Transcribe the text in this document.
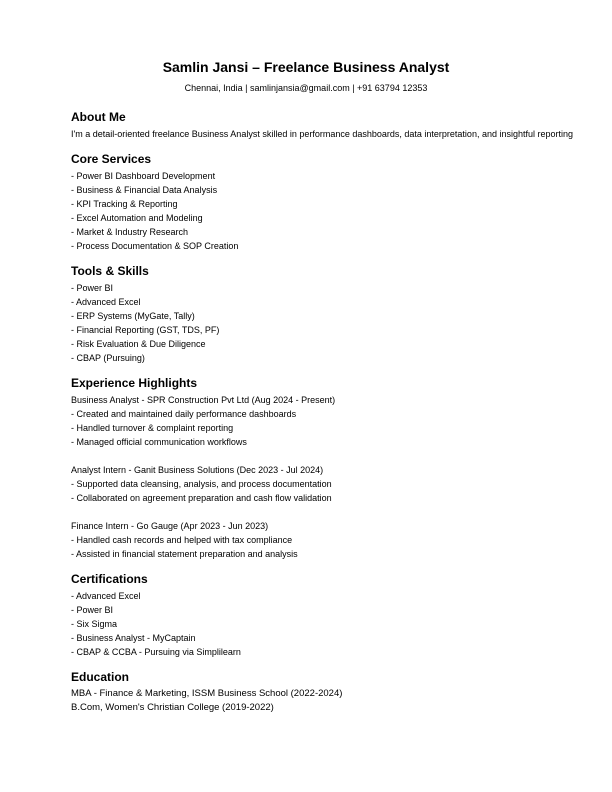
Samlin Jansi – Freelance Business Analyst
Chennai, India | samlinjansia@gmail.com | +91 63794 12353
About Me
I'm a detail-oriented freelance Business Analyst skilled in performance dashboards, data interpretation, and insightful reporting
Core Services
- Power BI Dashboard Development
- Business & Financial Data Analysis
- KPI Tracking & Reporting
- Excel Automation and Modeling
- Market & Industry Research
- Process Documentation & SOP Creation
Tools & Skills
- Power BI
- Advanced Excel
- ERP Systems (MyGate, Tally)
- Financial Reporting (GST, TDS, PF)
- Risk Evaluation & Due Diligence
- CBAP (Pursuing)
Experience Highlights
Business Analyst - SPR Construction Pvt Ltd (Aug 2024 - Present)
- Created and maintained daily performance dashboards
- Handled turnover & complaint reporting
- Managed official communication workflows
Analyst Intern - Ganit Business Solutions (Dec 2023 - Jul 2024)
- Supported data cleansing, analysis, and process documentation
- Collaborated on agreement preparation and cash flow validation
Finance Intern - Go Gauge (Apr 2023 - Jun 2023)
- Handled cash records and helped with tax compliance
- Assisted in financial statement preparation and analysis
Certifications
- Advanced Excel
- Power BI
- Six Sigma
- Business Analyst - MyCaptain
- CBAP & CCBA - Pursuing via Simplilearn
Education
MBA - Finance & Marketing, ISSM Business School (2022-2024)
B.Com, Women's Christian College (2019-2022)
